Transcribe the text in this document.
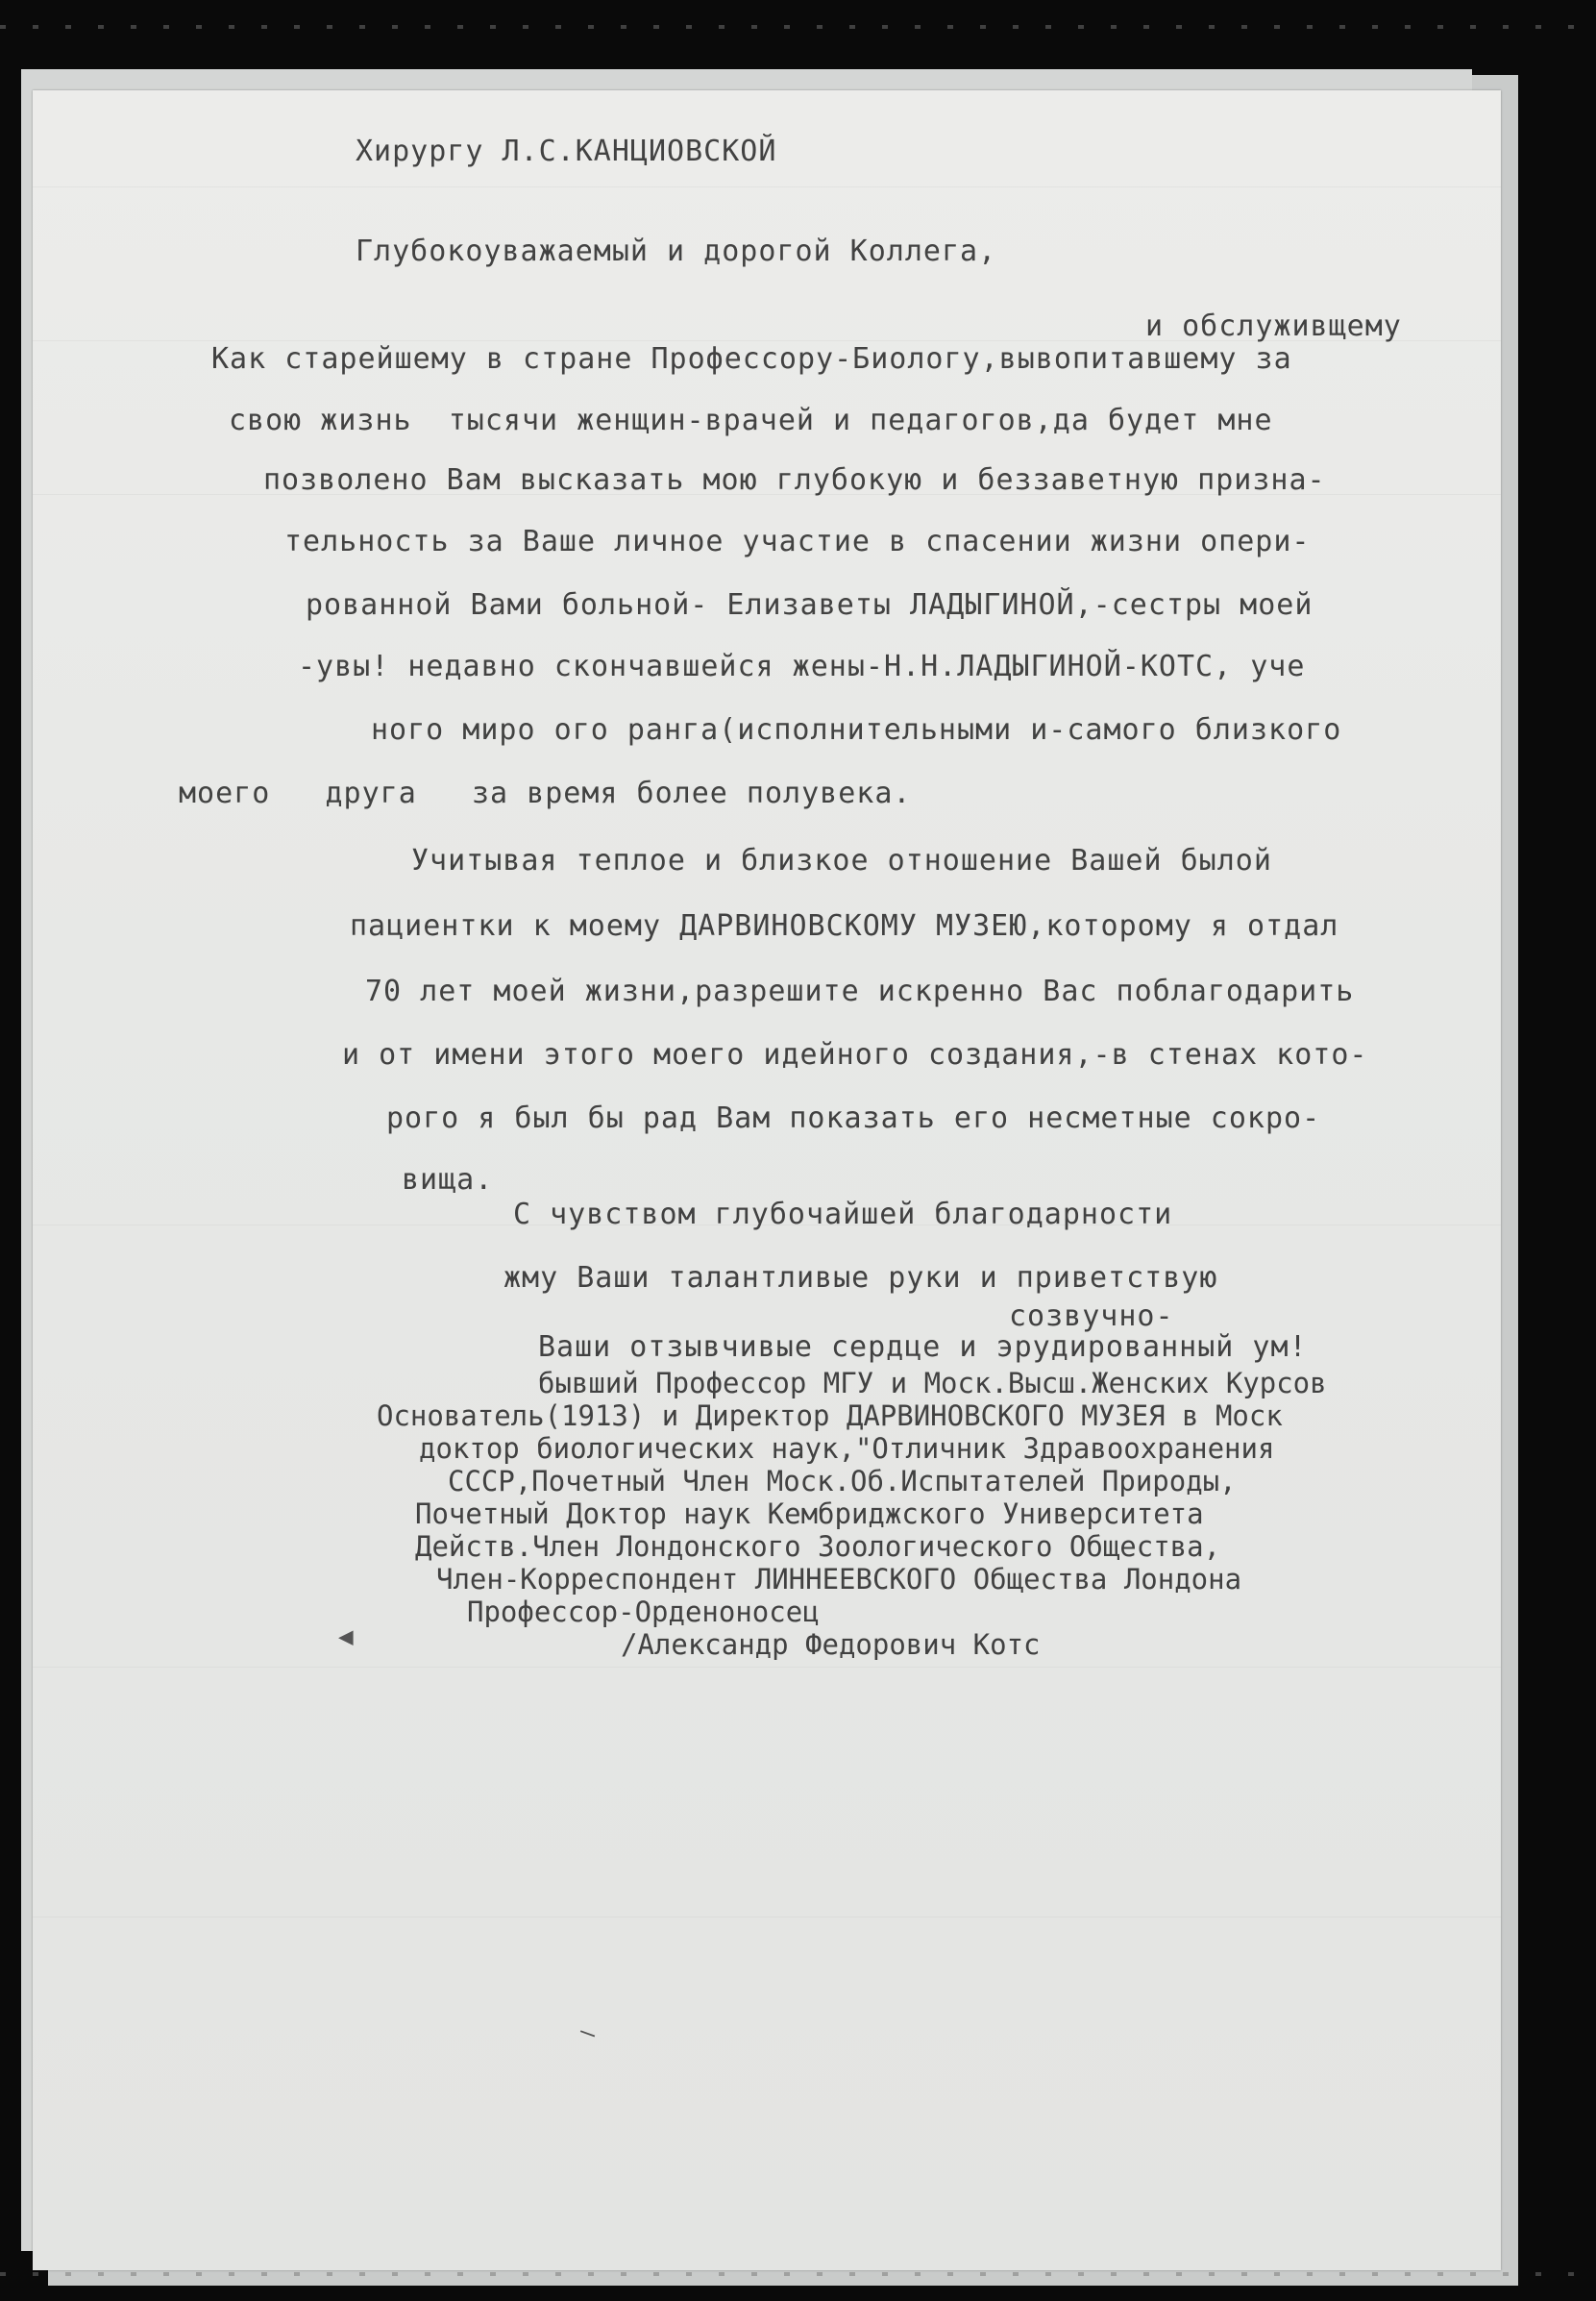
Хирургу Л.С.КАНЦИОВСКОЙ

Глубокоуважаемый и дорогой Коллега,

и обслуживщему

Как старейшему в стране Профессору-Биологу,вывопитавшему за

свою жизнь  тысячи женщин-врачей и педагогов,да будет мне

позволено Вам высказать мою глубокую и беззаветную призна-

тельность за Ваше личное участие в спасении жизни опери-

рованной Вами больной- Елизаветы ЛАДЫГИНОЙ,-сестры моей

-увы! недавно скончавшейся жены-Н.Н.ЛАДЫГИНОЙ-КОТС, уче

ного миро ого ранга(исполнительными и-самого близкого

моего   друга   за время более полувека.

Учитывая теплое и близкое отношение Вашей былой

пациентки к моему ДАРВИНОВСКОМУ МУЗЕЮ,которому я отдал

70 лет моей жизни,разрешите искренно Вас поблагодарить

и от имени этого моего идейного создания,-в стенах кото-

рого я был бы рад Вам показать его несметные сокро-

вища.

С чувством глубочайшей благодарности

жму Ваши талантливые руки и приветствую

созвучно-

Ваши отзывчивые сердце и эрудированный ум!

бывший Профессор МГУ и Моск.Высш.Женских Курсов

Основатель(1913) и Директор ДАРВИНОВСКОГО МУЗЕЯ в Моск

доктор биологических наук,"Отличник Здравоохранения

СССР,Почетный Член Моск.Об.Испытателей Природы,

Почетный Доктор наук Кембриджского Университета

Действ.Член Лондонского Зоологического Общества,

Член-Корреспондент ЛИННЕЕВСКОГО Общества Лондона

Профессор-Орденоносец

/Александр Федорович Котс

◀
―
